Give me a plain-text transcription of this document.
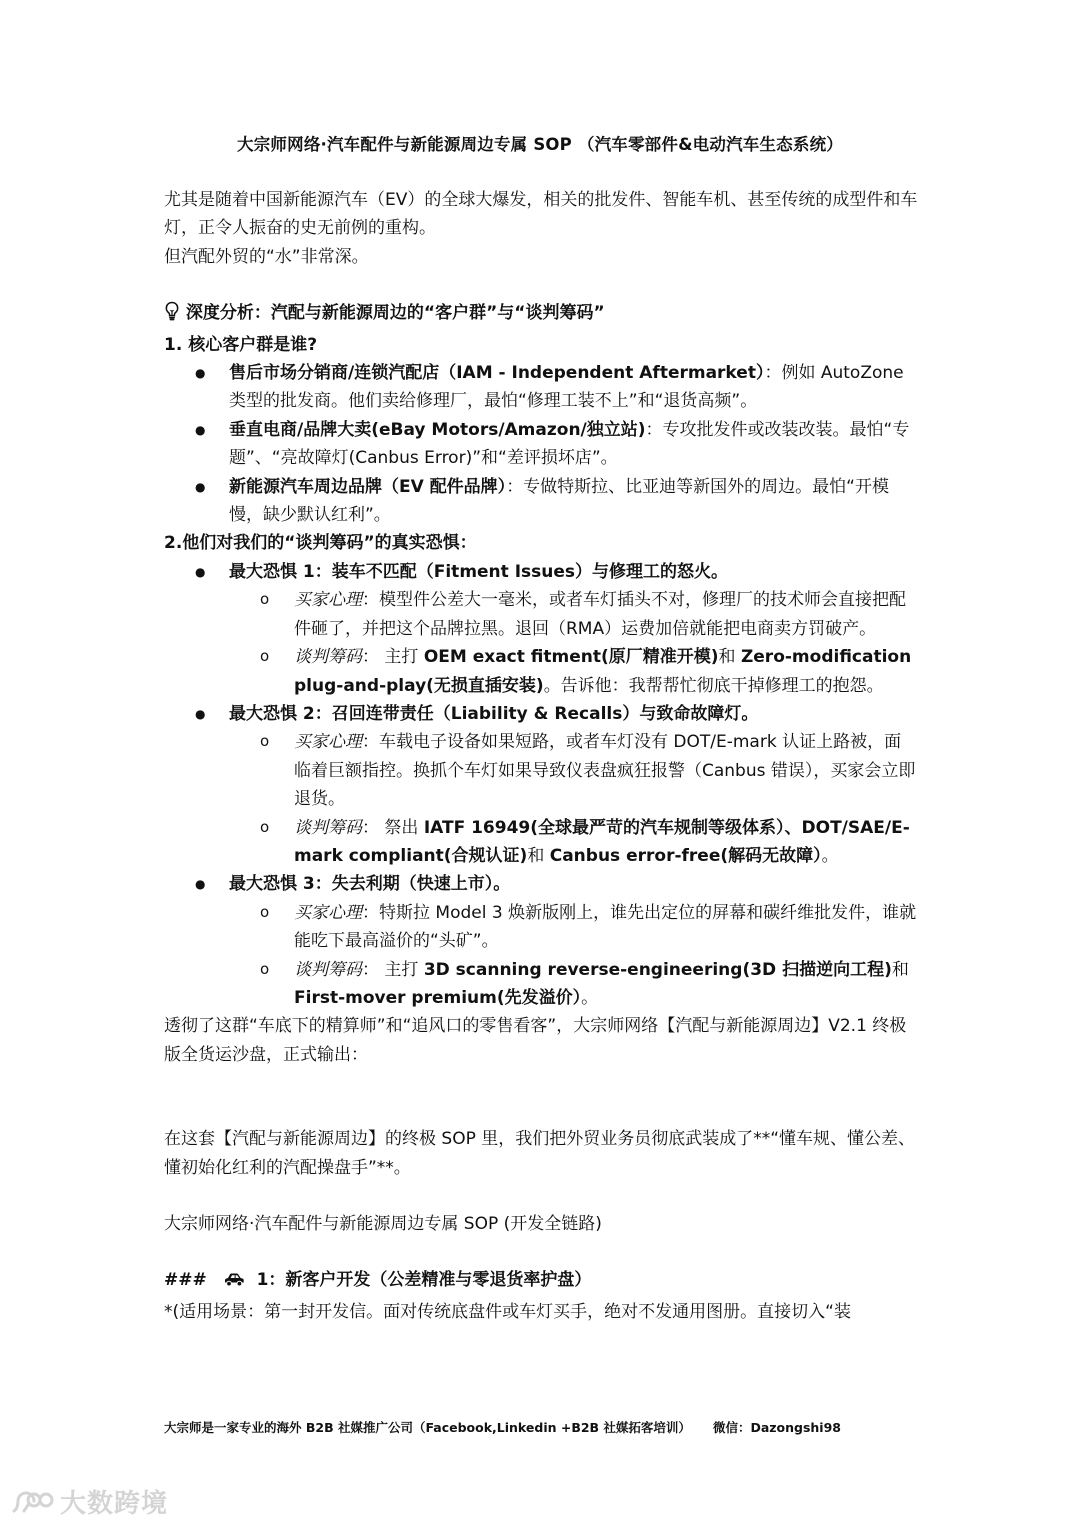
大宗师网络·汽车配件与新能源周边专属 SOP （汽车零部件&电动汽车生态系统）

尤其是随着中国新能源汽车（EV）的全球大爆发，相关的批发件、智能车机、甚至传统的成型件和车灯，正令人振奋的史无前例的重构。

但汽配外贸的“水”非常深。

深度分析：汽配与新能源周边的“客户群”与“谈判筹码”

1. 核心客户群是谁?

● 售后市场分销商/连锁汽配店（IAM - Independent Aftermarket）：例如 AutoZone 类型的批发商。他们卖给修理厂，最怕“修理工装不上”和“退货高频”。
● 垂直电商/品牌大卖(eBay Motors/Amazon/独立站)：专攻批发件或改装改装。最怕“专题”、“亮故障灯(Canbus Error)”和“差评损坏店”。
● 新能源汽车周边品牌（EV 配件品牌）：专做特斯拉、比亚迪等新国外的周边。最怕“开模慢，缺少默认红利”。

2.他们对我们的“谈判筹码”的真实恐惧：

● 最大恐惧 1：装车不匹配（Fitment Issues）与修理工的怒火。
o 买家心理：模型件公差大一毫米，或者车灯插头不对，修理厂的技术师会直接把配件砸了，并把这个品牌拉黑。退回（RMA）运费加倍就能把电商卖方罚破产。
o 谈判筹码： 主打 OEM exact fitment(原厂精准开模)和 Zero-modification plug-and-play(无损直插安装)。告诉他：我帮帮忙彻底干掉修理工的抱怨。
● 最大恐惧 2：召回连带责任（Liability & Recalls）与致命故障灯。
o 买家心理：车载电子设备如果短路，或者车灯没有 DOT/E-mark 认证上路被，面临着巨额指控。换抓个车灯如果导致仪表盘疯狂报警（Canbus 错误），买家会立即退货。
o 谈判筹码： 祭出 IATF 16949(全球最严苛的汽车规制等级体系）、DOT/SAE/E-mark compliant(合规认证)和 Canbus error-free(解码无故障）。
● 最大恐惧 3：失去利期（快速上市）。
o 买家心理：特斯拉 Model 3 焕新版刚上，谁先出定位的屏幕和碳纤维批发件，谁就能吃下最高溢价的“头矿”。
o 谈判筹码： 主打 3D scanning reverse-engineering(3D 扫描逆向工程)和 First-mover premium(先发溢价）。

透彻了这群“车底下的精算师”和“追风口的零售看客”，大宗师网络【汽配与新能源周边】V2.1 终极版全货运沙盘，正式输出：

在这套【汽配与新能源周边】的终极 SOP 里，我们把外贸业务员彻底武装成了**“懂车规、懂公差、懂初始化红利的汽配操盘手”**。

大宗师网络·汽车配件与新能源周边专属 SOP (开发全链路)

###	1：新客户开发（公差精准与零退货率护盘）

*(适用场景：第一封开发信。面对传统底盘件或车灯买手，绝对不发通用图册。直接切入“装

大宗师是一家专业的海外 B2B 社媒推广公司（Facebook,Linkedin +B2B 社媒拓客培训） 微信：Dazongshi98
大数跨境
